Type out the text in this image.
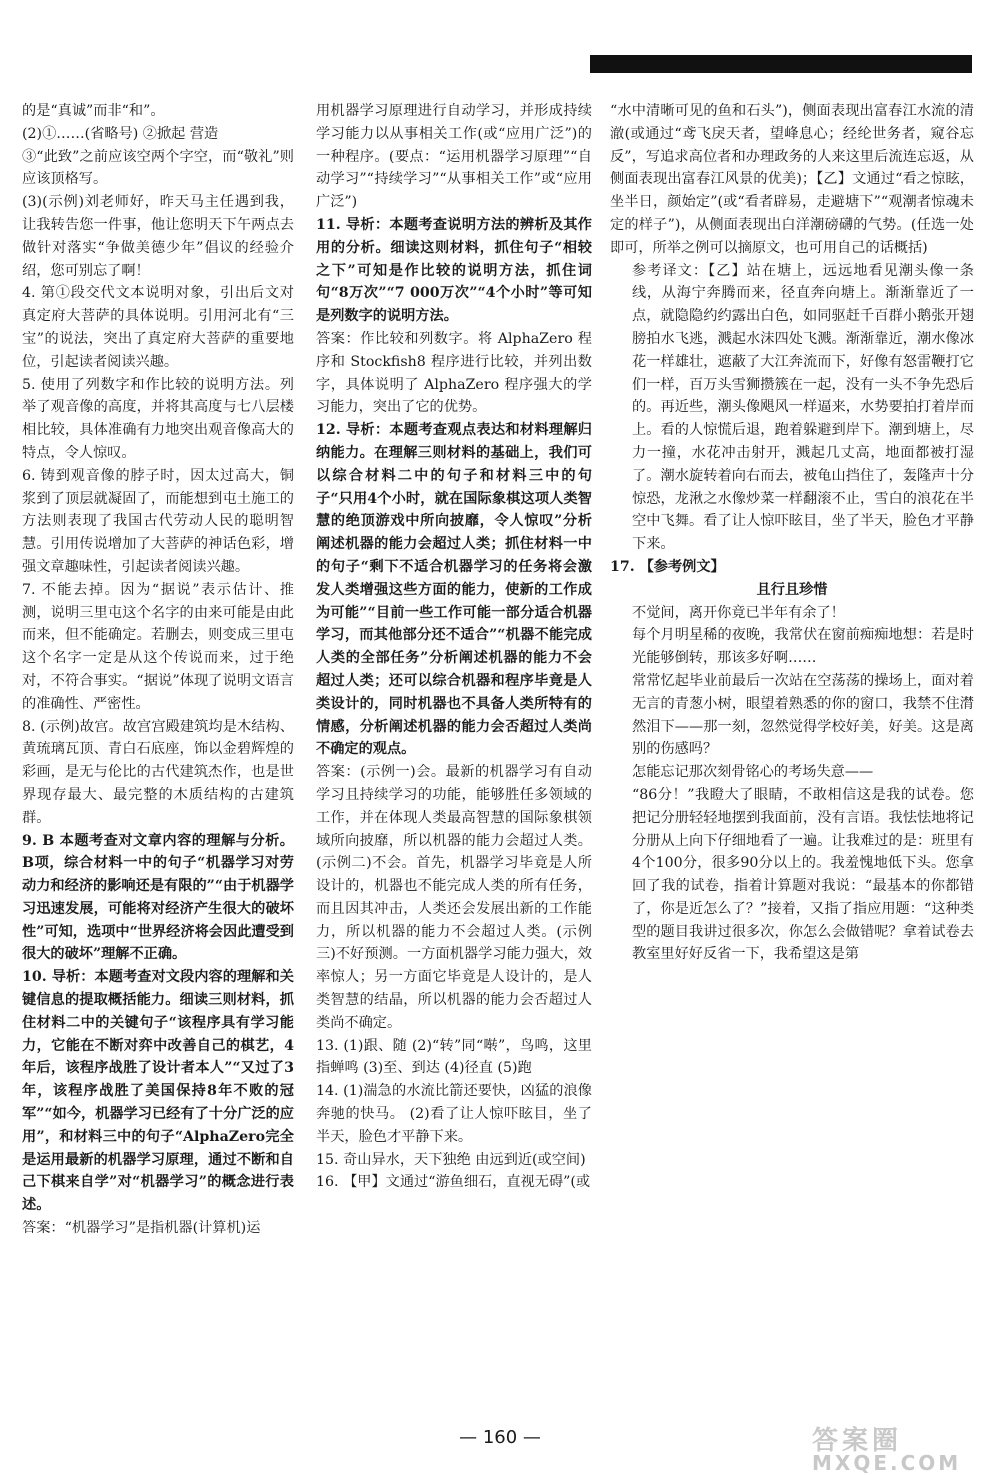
的是“真诚”而非“和”。

(2)①……(省略号) ②掀起 营造

③“此致”之前应该空两个字空，而“敬礼”则应该顶格写。

(3)(示例)刘老师好，昨天马主任遇到我，让我转告您一件事，他让您明天下午两点去做针对落实“争做美德少年”倡议的经验介绍，您可别忘了啊！

4. 第①段交代文本说明对象，引出后文对真定府大菩萨的具体说明。引用河北有“三宝”的说法，突出了真定府大菩萨的重要地位，引起读者阅读兴趣。

5. 使用了列数字和作比较的说明方法。列举了观音像的高度，并将其高度与七八层楼相比较，具体准确有力地突出观音像高大的特点，令人惊叹。

6. 铸到观音像的脖子时，因太过高大，铜浆到了顶层就凝固了，而能想到屯土施工的方法则表现了我国古代劳动人民的聪明智慧。引用传说增加了大菩萨的神话色彩，增强文章趣味性，引起读者阅读兴趣。

7. 不能去掉。因为“据说”表示估计、推测，说明三里屯这个名字的由来可能是由此而来，但不能确定。若删去，则变成三里屯这个名字一定是从这个传说而来，过于绝对，不符合事实。“据说”体现了说明文语言的准确性、严密性。

8. (示例)故宫。故宫宫殿建筑均是木结构、黄琉璃瓦顶、青白石底座，饰以金碧辉煌的彩画，是无与伦比的古代建筑杰作，也是世界现存最大、最完整的木质结构的古建筑群。

9. B 本题考查对文章内容的理解与分析。B项，综合材料一中的句子“机器学习对劳动力和经济的影响还是有限的”“由于机器学习迅速发展，可能将对经济产生很大的破坏性”可知，选项中“世界经济将会因此遭受到很大的破坏”理解不正确。

10. 导析：本题考查对文段内容的理解和关键信息的提取概括能力。细读三则材料，抓住材料二中的关键句子“该程序具有学习能力，它能在不断对弈中改善自己的棋艺，4年后，该程序战胜了设计者本人”“又过了3年，该程序战胜了美国保持8年不败的冠军”“如今，机器学习已经有了十分广泛的应用”，和材料三中的句子“AlphaZero完全是运用最新的机器学习原理，通过不断和自己下棋来自学”对“机器学习”的概念进行表述。

答案：“机器学习”是指机器(计算机)运

用机器学习原理进行自动学习，并形成持续学习能力以从事相关工作(或“应用广泛”)的一种程序。(要点：“运用机器学习原理”“自动学习”“持续学习”“从事相关工作”或“应用广泛”)

11. 导析：本题考查说明方法的辨析及其作用的分析。细读这则材料，抓住句子“相较之下”可知是作比较的说明方法，抓住词句“8万次”“7 000万次”“4个小时”等可知是列数字的说明方法。

答案：作比较和列数字。将 AlphaZero 程序和 Stockfish8 程序进行比较，并列出数字，具体说明了 AlphaZero 程序强大的学习能力，突出了它的优势。

12. 导析：本题考查观点表达和材料理解归纳能力。在理解三则材料的基础上，我们可以综合材料二中的句子和材料三中的句子“只用4个小时，就在国际象棋这项人类智慧的绝顶游戏中所向披靡，令人惊叹”分析阐述机器的能力会超过人类；抓住材料一中的句子“剩下不适合机器学习的任务将会激发人类增强这些方面的能力，使新的工作成为可能”“目前一些工作可能一部分适合机器学习，而其他部分还不适合”“机器不能完成人类的全部任务”分析阐述机器的能力不会超过人类；还可以综合机器和程序毕竟是人类设计的，同时机器也不具备人类所特有的情感，分析阐述机器的能力会否超过人类尚不确定的观点。

答案：(示例一)会。最新的机器学习有自动学习且持续学习的功能，能够胜任多领域的工作，并在体现人类最高智慧的国际象棋领域所向披靡，所以机器的能力会超过人类。(示例二)不会。首先，机器学习毕竟是人所设计的，机器也不能完成人类的所有任务，而且因其冲击，人类还会发展出新的工作能力，所以机器的能力不会超过人类。(示例三)不好预测。一方面机器学习能力强大，效率惊人；另一方面它毕竟是人设计的，是人类智慧的结晶，所以机器的能力会否超过人类尚不确定。

13. (1)跟、随 (2)“转”同“啭”，鸟鸣，这里指蝉鸣 (3)至、到达 (4)径直 (5)跑

14. (1)湍急的水流比箭还要快，凶猛的浪像奔驰的快马。 (2)看了让人惊吓眩目，坐了半天，脸色才平静下来。

15. 奇山异水，天下独绝 由远到近(或空间)

16. 【甲】文通过“游鱼细石，直视无碍”(或

“水中清晰可见的鱼和石头”)，侧面表现出富春江水流的清澈(或通过“鸢飞戾天者，望峰息心；经纶世务者，窥谷忘反”，写追求高位者和办理政务的人来这里后流连忘返，从侧面表现出富春江风景的优美)；【乙】文通过“看之惊眩，坐半日，颜始定”(或“看者辟易，走避塘下”“观潮者惊魂未定的样子”)，从侧面表现出白洋潮磅礴的气势。(任选一处即可，所举之例可以摘原文，也可用自己的话概括)

参考译文：【乙】站在塘上，远远地看见潮头像一条线，从海宁奔腾而来，径直奔向塘上。渐渐靠近了一点，就隐隐约约露出白色，如同驱赶千百群小鹅张开翅膀拍水飞逃，溅起水沫四处飞溅。渐渐靠近，潮水像冰花一样雄壮，遮蔽了大江奔流而下，好像有怒雷鞭打它们一样，百万头雪狮攒簇在一起，没有一头不争先恐后的。再近些，潮头像飓风一样逼来，水势要拍打着岸而上。看的人惊慌后退，跑着躲避到岸下。潮到塘上，尽力一撞，水花冲击射开，溅起几丈高，地面都被打湿了。潮水旋转着向右而去，被龟山挡住了，轰隆声十分惊恐，龙湫之水像炒菜一样翻滚不止，雪白的浪花在半空中飞舞。看了让人惊吓眩目，坐了半天，脸色才平静下来。

17. 【参考例文】

且行且珍惜

不觉间，离开你竟已半年有余了！

每个月明星稀的夜晚，我常伏在窗前痴痴地想：若是时光能够倒转，那该多好啊……

常常忆起毕业前最后一次站在空荡荡的操场上，面对着无言的青葱小树，眼望着熟悉的你的窗口，我禁不住潸然泪下——那一刻，忽然觉得学校好美，好美。这是离别的伤感吗？

怎能忘记那次刻骨铭心的考场失意——

“86分！”我瞪大了眼睛，不敢相信这是我的试卷。您把记分册轻轻地摆到我面前，没有言语。我怯怯地将记分册从上向下仔细地看了一遍。让我难过的是：班里有4个100分，很多90分以上的。我羞愧地低下头。您拿回了我的试卷，指着计算题对我说：“最基本的你都错了，你是近怎么了？”接着，又指了指应用题：“这种类型的题目我讲过很多次，你怎么会做错呢？拿着试卷去教室里好好反省一下，我希望这是第

— 160 —	答案圈
MXQE.COM
